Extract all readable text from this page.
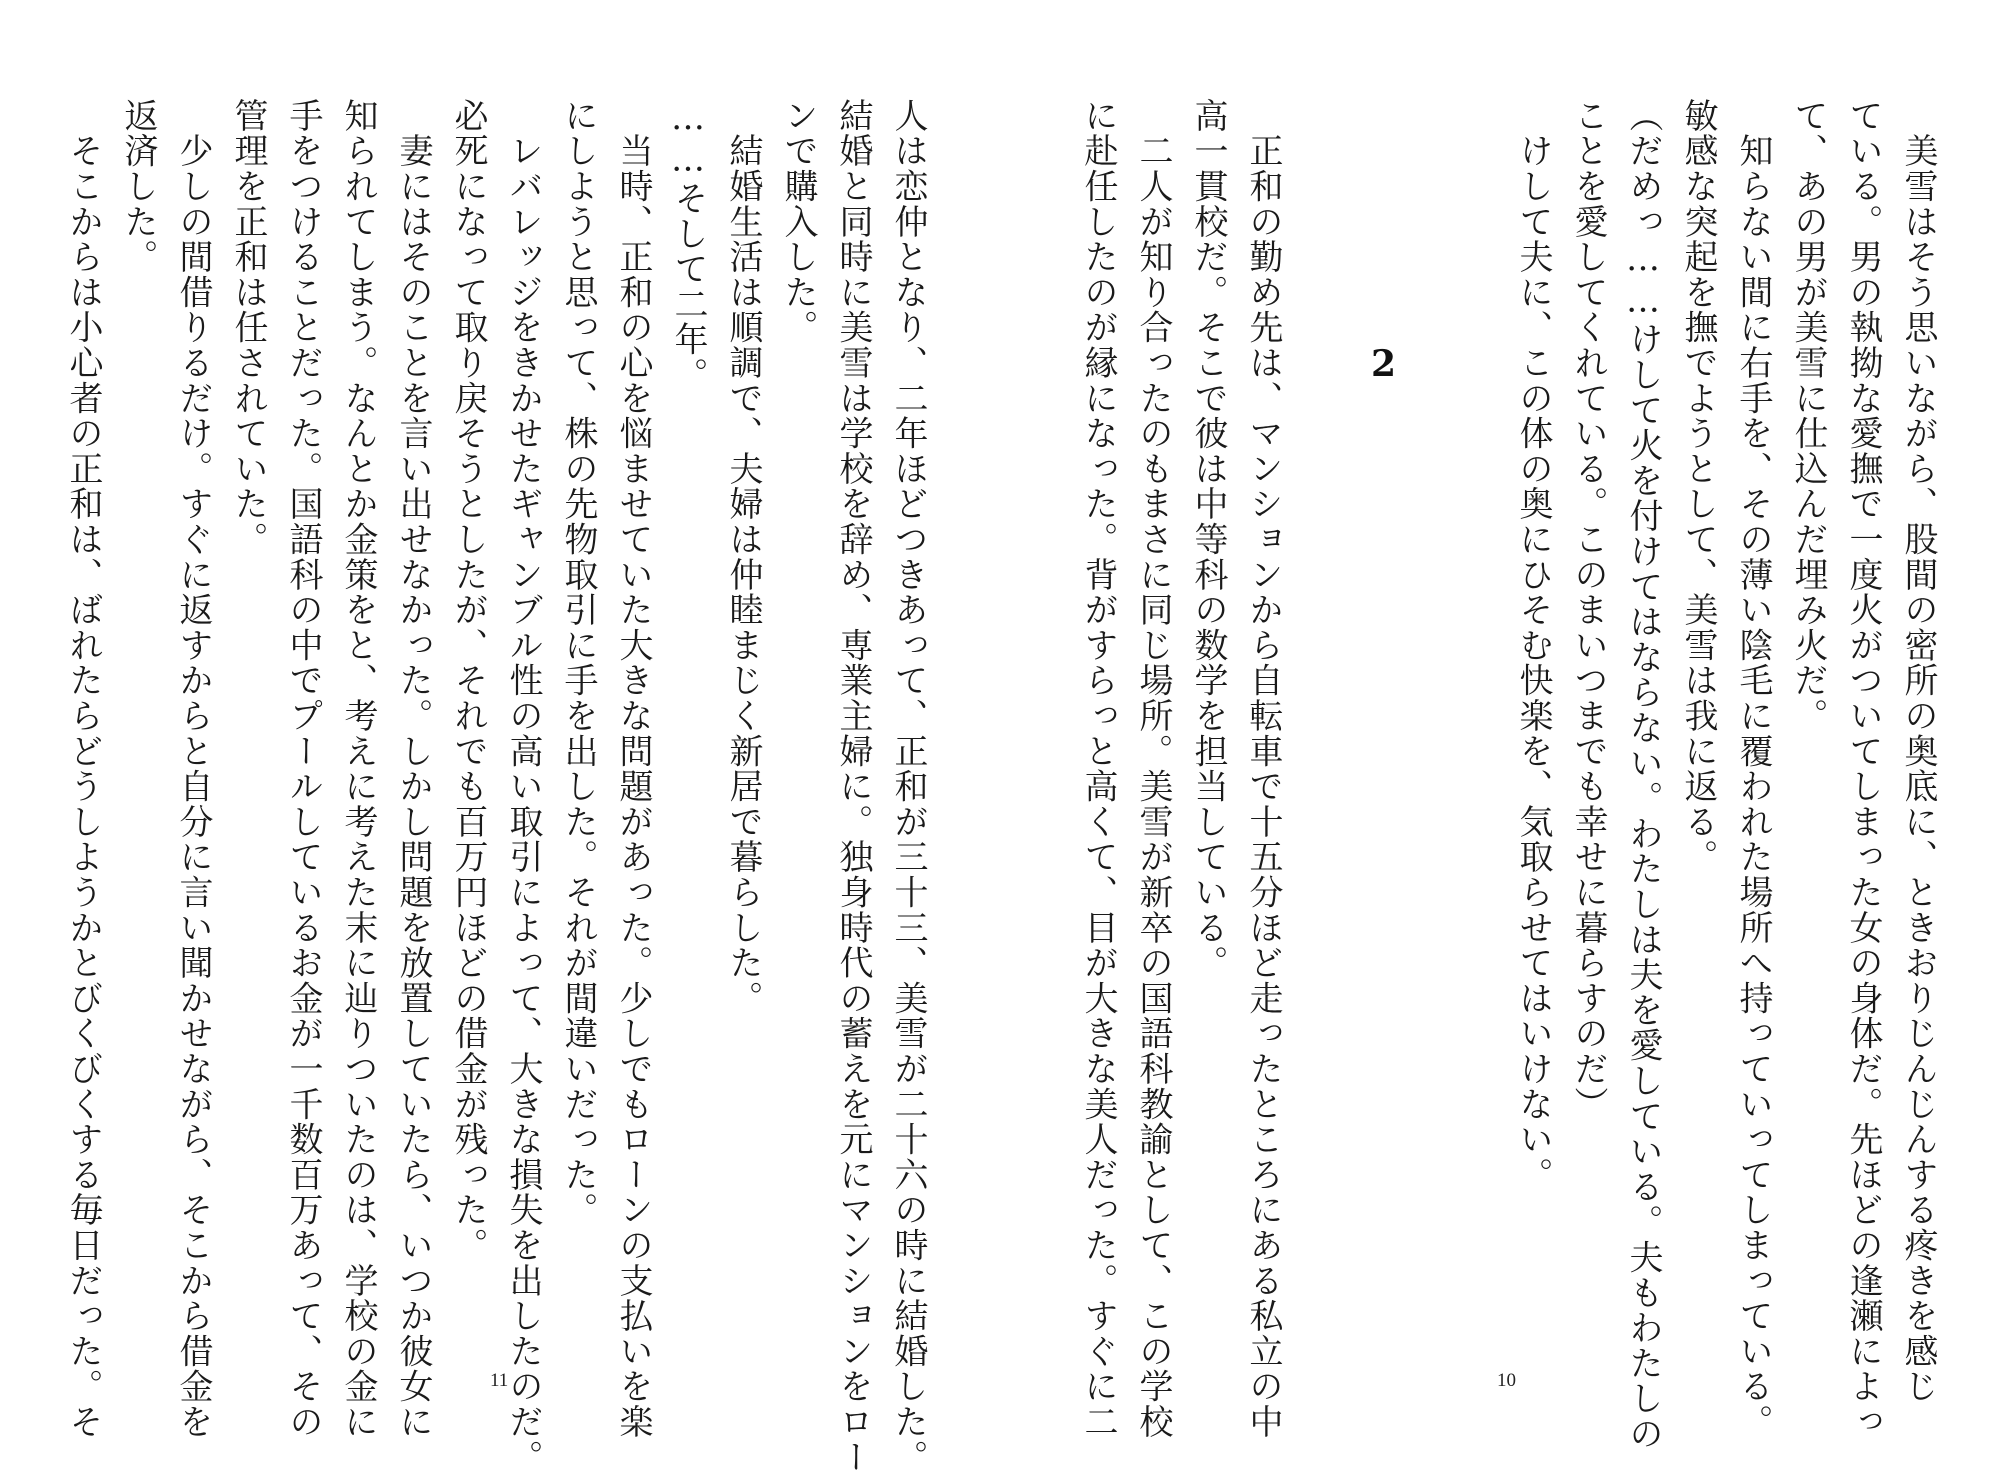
人は恋仲となり、二年ほどつきあって、正和が三十三、美雪が二十六の時に結婚した。
結婚と同時に美雪は学校を辞め、専業主婦に。独身時代の蓄えを元にマンションをロー
ンで購入した。
　結婚生活は順調で、夫婦は仲睦まじく新居で暮らした。
……そして二年。
　当時、正和の心を悩ませていた大きな問題があった。少しでもローンの支払いを楽
にしようと思って、株の先物取引に手を出した。それが間違いだった。
　レバレッジをきかせたギャンブル性の高い取引によって、大きな損失を出したのだ。
必死になって取り戻そうとしたが、それでも百万円ほどの借金が残った。
　妻にはそのことを言い出せなかった。しかし問題を放置していたら、いつか彼女に
知られてしまう。なんとか金策をと、考えに考えた末に辿りついたのは、学校の金に
手をつけることだった。国語科の中でプールしているお金が一千数百万あって、その
管理を正和は任されていた。
　少しの間借りるだけ。すぐに返すからと自分に言い聞かせながら、そこから借金を
返済した。
　そこからは小心者の正和は、ばれたらどうしようかとびくびくする毎日だった。そ	11	　美雪はそう思いながら、股間の密所の奥底に、ときおりじんじんする疼きを感じ
ている。男の執拗な愛撫で一度火がついてしまった女の身体だ。先ほどの逢瀬によっ
て、あの男が美雪に仕込んだ埋み火だ。
　知らない間に右手を、その薄い陰毛に覆われた場所へ持っていってしまっている。
敏感な突起を撫でようとして、美雪は我に返る。
（だめっ……けして火を付けてはならない。わたしは夫を愛している。夫もわたしの
ことを愛してくれている。このまいつまでも幸せに暮らすのだ）
　けして夫に、この体の奥にひそむ快楽を、気取らせてはいけない。
　正和の勤め先は、マンションから自転車で十五分ほど走ったところにある私立の中
高一貫校だ。そこで彼は中等科の数学を担当している。
　二人が知り合ったのもまさに同じ場所。美雪が新卒の国語科教諭として、この学校
に赴任したのが縁になった。背がすらっと高くて、目が大きな美人だった。すぐに二	10
2
